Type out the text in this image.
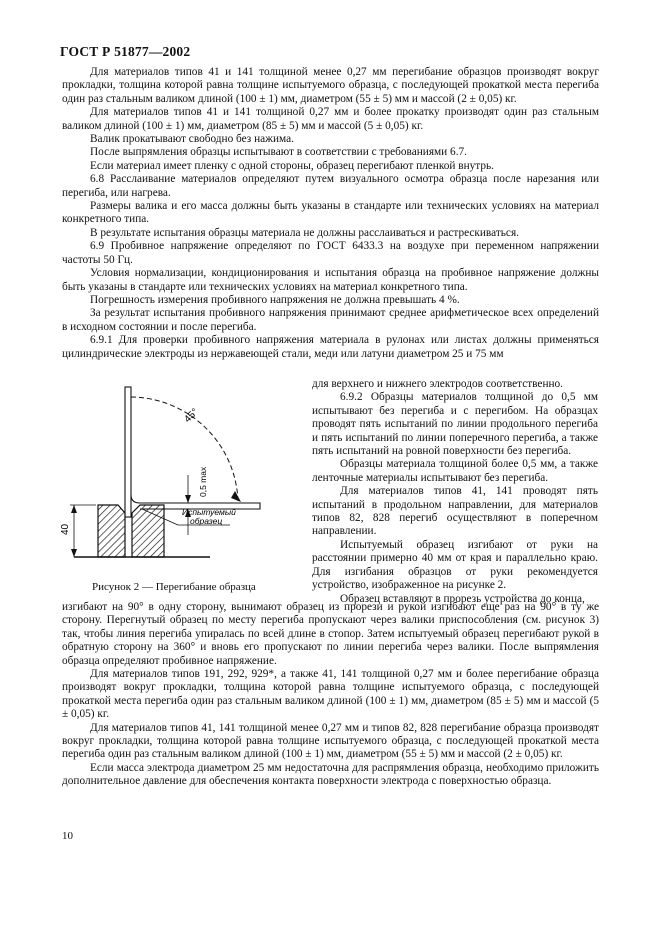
ГОСТ Р 51877—2002

Для материалов типов 41 и 141 толщиной менее 0,27 мм перегибание образцов производят вокруг прокладки, толщина которой равна толщине испытуемого образца, с последующей прокаткой места перегиба один раз стальным валиком длиной (100 ± 1) мм, диаметром (55 ± 5) мм и массой (2 ± 0,05) кг.

Для материалов типов 41 и 141 толщиной 0,27 мм и более прокатку производят один раз стальным валиком длиной (100 ± 1) мм, диаметром (85 ± 5) мм и массой (5 ± 0,05) кг.

Валик прокатывают свободно без нажима.

После выпрямления образцы испытывают в соответствии с требованиями 6.7.

Если материал имеет пленку с одной стороны, образец перегибают пленкой внутрь.

6.8 Расслаивание материалов определяют путем визуального осмотра образца после нарезания или перегиба, или нагрева.

Размеры валика и его масса должны быть указаны в стандарте или технических условиях на материал конкретного типа.

В результате испытания образцы материала не должны расслаиваться и растрескиваться.

6.9 Пробивное напряжение определяют по ГОСТ 6433.3 на воздухе при переменном напряжении частоты 50 Гц.

Условия нормализации, кондиционирования и испытания образца на пробивное напряжение должны быть указаны в стандарте или технических условиях на материал конкретного типа.

Погрешность измерения пробивного напряжения не должна превышать 4 %.

За результат испытания пробивного напряжения принимают среднее арифметическое всех определений в исходном состоянии и после перегиба.

6.9.1 Для проверки пробивного напряжения материала в рулонах или листах должны применяться цилиндрические электроды из нержавеющей стали, меди или латуни диаметром 25 и 75 мм

40
0,5 max
45°
Испытуемый
образец
Рисунок 2 — Перегибание образца

для верхнего и нижнего электродов соответственно.

6.9.2 Образцы материалов толщиной до 0,5 мм испытывают без перегиба и с перегибом. На образцах проводят пять испытаний по линии продольного перегиба и пять испытаний по линии поперечного перегиба, а также пять испытаний на ровной поверхности без перегиба.

Образцы материала толщиной более 0,5 мм, а также ленточные материалы испытывают без перегиба.

Для материалов типов 41, 141 проводят пять испытаний в продольном направлении, для материалов типов 82, 828 перегиб осуществляют в поперечном направлении.

Испытуемый образец изгибают от руки на расстоянии примерно 40 мм от края и параллельно краю. Для изгибания образцов от руки рекомендуется устройство, изображенное на рисунке 2.

Образец вставляют в прорезь устройства до конца,

изгибают на 90° в одну сторону, вынимают образец из прорези и рукой изгибают еще раз на 90° в ту же сторону. Перегнутый образец по месту перегиба пропускают через валики приспособления (см. рисунок 3) так, чтобы линия перегиба упиралась по всей длине в стопор. Затем испытуемый образец перегибают рукой в обратную сторону на 360° и вновь его пропускают по линии перегиба через валики. После выпрямления образца определяют пробивное напряжение.

Для материалов типов 191, 292, 929*, а также 41, 141 толщиной 0,27 мм и более перегибание образца производят вокруг прокладки, толщина которой равна толщине испытуемого образца, с последующей прокаткой места перегиба один раз стальным валиком длиной (100 ± 1) мм, диаметром (85 ± 5) мм и массой (5 ± 0,05) кг.

Для материалов типов 41, 141 толщиной менее 0,27 мм и типов 82, 828 перегибание образца производят вокруг прокладки, толщина которой равна толщине испытуемого образца, с последующей прокаткой места перегиба один раз стальным валиком длиной (100 ± 1) мм, диаметром (55 ± 5) мм и массой (2 ± 0,05) кг.

Если масса электрода диаметром 25 мм недостаточна для распрямления образца, необходимо приложить дополнительное давление для обеспечения контакта поверхности электрода с поверхностью образца.

10
